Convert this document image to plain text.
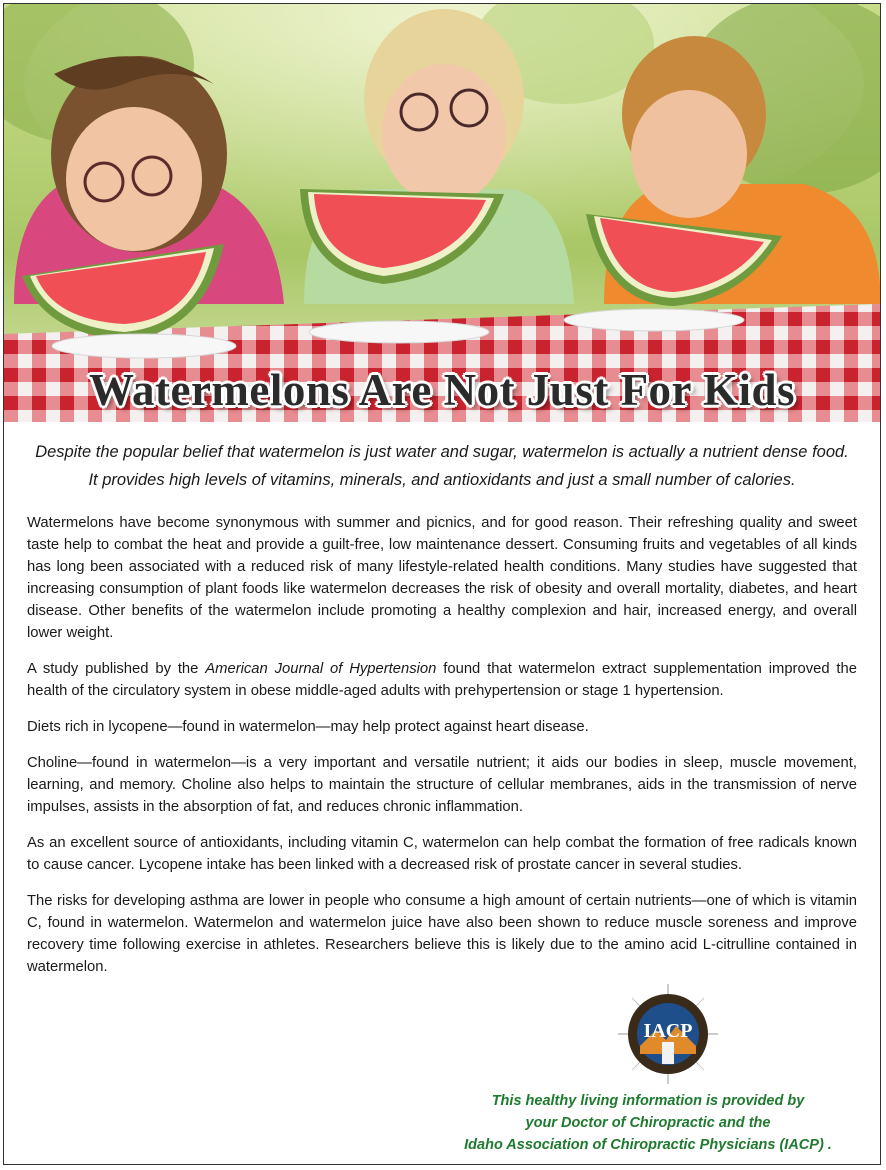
Watermelons Are Not Just For Kids

Despite the popular belief that watermelon is just water and sugar, watermelon is actually a nutrient dense food.

It provides high levels of vitamins, minerals, and antioxidants and just a small number of calories.

Watermelons have become synonymous with summer and picnics, and for good reason. Their refreshing quality and sweet taste help to combat the heat and provide a guilt-free, low maintenance dessert. Consuming fruits and vegetables of all kinds has long been associated with a reduced risk of many lifestyle-related health conditions. Many studies have suggested that increasing consumption of plant foods like watermelon decreases the risk of obesity and overall mortality, diabetes, and heart disease. Other benefits of the watermelon include promoting a healthy complexion and hair, increased energy, and overall lower weight.

A study published by the American Journal of Hypertension found that watermelon extract supplementation improved the health of the circulatory system in obese middle-aged adults with prehypertension or stage 1 hypertension.

Diets rich in lycopene—found in watermelon—may help protect against heart disease.

Choline—found in watermelon—is a very important and versatile nutrient; it aids our bodies in sleep, muscle movement, learning, and memory. Choline also helps to maintain the structure of cellular membranes, aids in the transmission of nerve impulses, assists in the absorption of fat, and reduces chronic inflammation.

As an excellent source of antioxidants, including vitamin C, watermelon can help combat the formation of free radicals known to cause cancer. Lycopene intake has been linked with a decreased risk of prostate cancer in several studies.

The risks for developing asthma are lower in people who consume a high amount of certain nutrients—one of which is vitamin C, found in watermelon. Watermelon and watermelon juice have also been shown to reduce muscle soreness and improve recovery time following exercise in athletes. Researchers believe this is likely due to the amino acid L-citrulline contained in watermelon.

IACP

This healthy living information is provided by

your Doctor of Chiropractic and the

Idaho Association of Chiropractic Physicians (IACP) .
